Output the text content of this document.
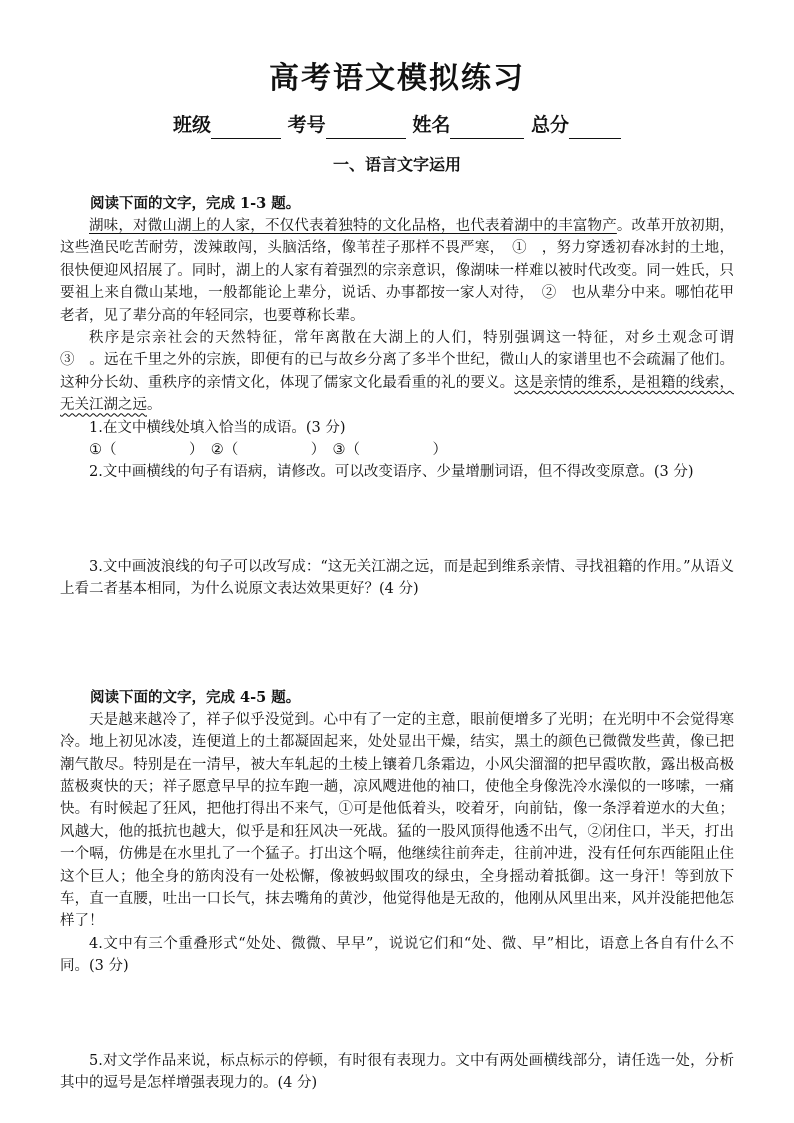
高考语文模拟练习
班级	考号	姓名	总分
一、语言文字运用
阅读下面的文字，完成 1-3 题。

湖味，对微山湖上的人家，不仅代表着独特的文化品格，也代表着湖中的丰富物产。改革开放初期，这些渔民吃苦耐劳，泼辣敢闯，头脑活络，像苇茬子那样不畏严寒，　①　，努力穿透初春冰封的土地，很快便迎风招展了。同时，湖上的人家有着强烈的宗亲意识，像湖味一样难以被时代改变。同一姓氏，只要祖上来自微山某地，一般都能论上辈分，说话、办事都按一家人对待，　②　也从辈分中来。哪怕花甲老者，见了辈分高的年轻同宗，也要尊称长辈。

秩序是宗亲社会的天然特征，常年离散在大湖上的人们，特别强调这一特征，对乡土观念可谓　③　。远在千里之外的宗族，即便有的已与故乡分离了多半个世纪，微山人的家谱里也不会疏漏了他们。这种分长幼、重秩序的亲情文化，体现了儒家文化最看重的礼的要义。这是亲情的维系，是祖籍的线索，无关江湖之远。

1.在文中横线处填入恰当的成语。(3 分)

①（　　　　　）　②（　　　　　）　③（　　　　　）

2.文中画横线的句子有语病，请修改。可以改变语序、少量增删词语，但不得改变原意。(3 分)

3.文中画波浪线的句子可以改写成：“这无关江湖之远，而是起到维系亲情、寻找祖籍的作用。”从语义上看二者基本相同，为什么说原文表达效果更好？(4 分)

阅读下面的文字，完成 4-5 题。

天是越来越冷了，祥子似乎没觉到。心中有了一定的主意，眼前便增多了光明；在光明中不会觉得寒冷。地上初见冰凌，连便道上的土都凝固起来，处处显出干燥，结实，黑土的颜色已微微发些黄，像已把潮气散尽。特别是在一清早，被大车轧起的土棱上镶着几条霜边，小风尖溜溜的把早霞吹散，露出极高极蓝极爽快的天；祥子愿意早早的拉车跑一趟，凉风飕进他的袖口，使他全身像洗冷水澡似的一哆嗦，一痛快。有时候起了狂风，把他打得出不来气，①可是他低着头，咬着牙，向前钻，像一条浮着逆水的大鱼；风越大，他的抵抗也越大，似乎是和狂风决一死战。猛的一股风顶得他透不出气，②闭住口，半天，打出一个嗝，仿佛是在水里扎了一个猛子。打出这个嗝，他继续往前奔走，往前冲进，没有任何东西能阻止住这个巨人；他全身的筋肉没有一处松懈，像被蚂蚁围攻的绿虫，全身摇动着抵御。这一身汗！等到放下车，直一直腰，吐出一口长气，抹去嘴角的黄沙，他觉得他是无敌的，他刚从风里出来，风并没能把他怎样了！

4.文中有三个重叠形式“处处、微微、早早”，说说它们和“处、微、早”相比，语意上各自有什么不同。(3 分)

5.对文学作品来说，标点标示的停顿，有时很有表现力。文中有两处画横线部分，请任选一处，分析其中的逗号是怎样增强表现力的。(4 分)
